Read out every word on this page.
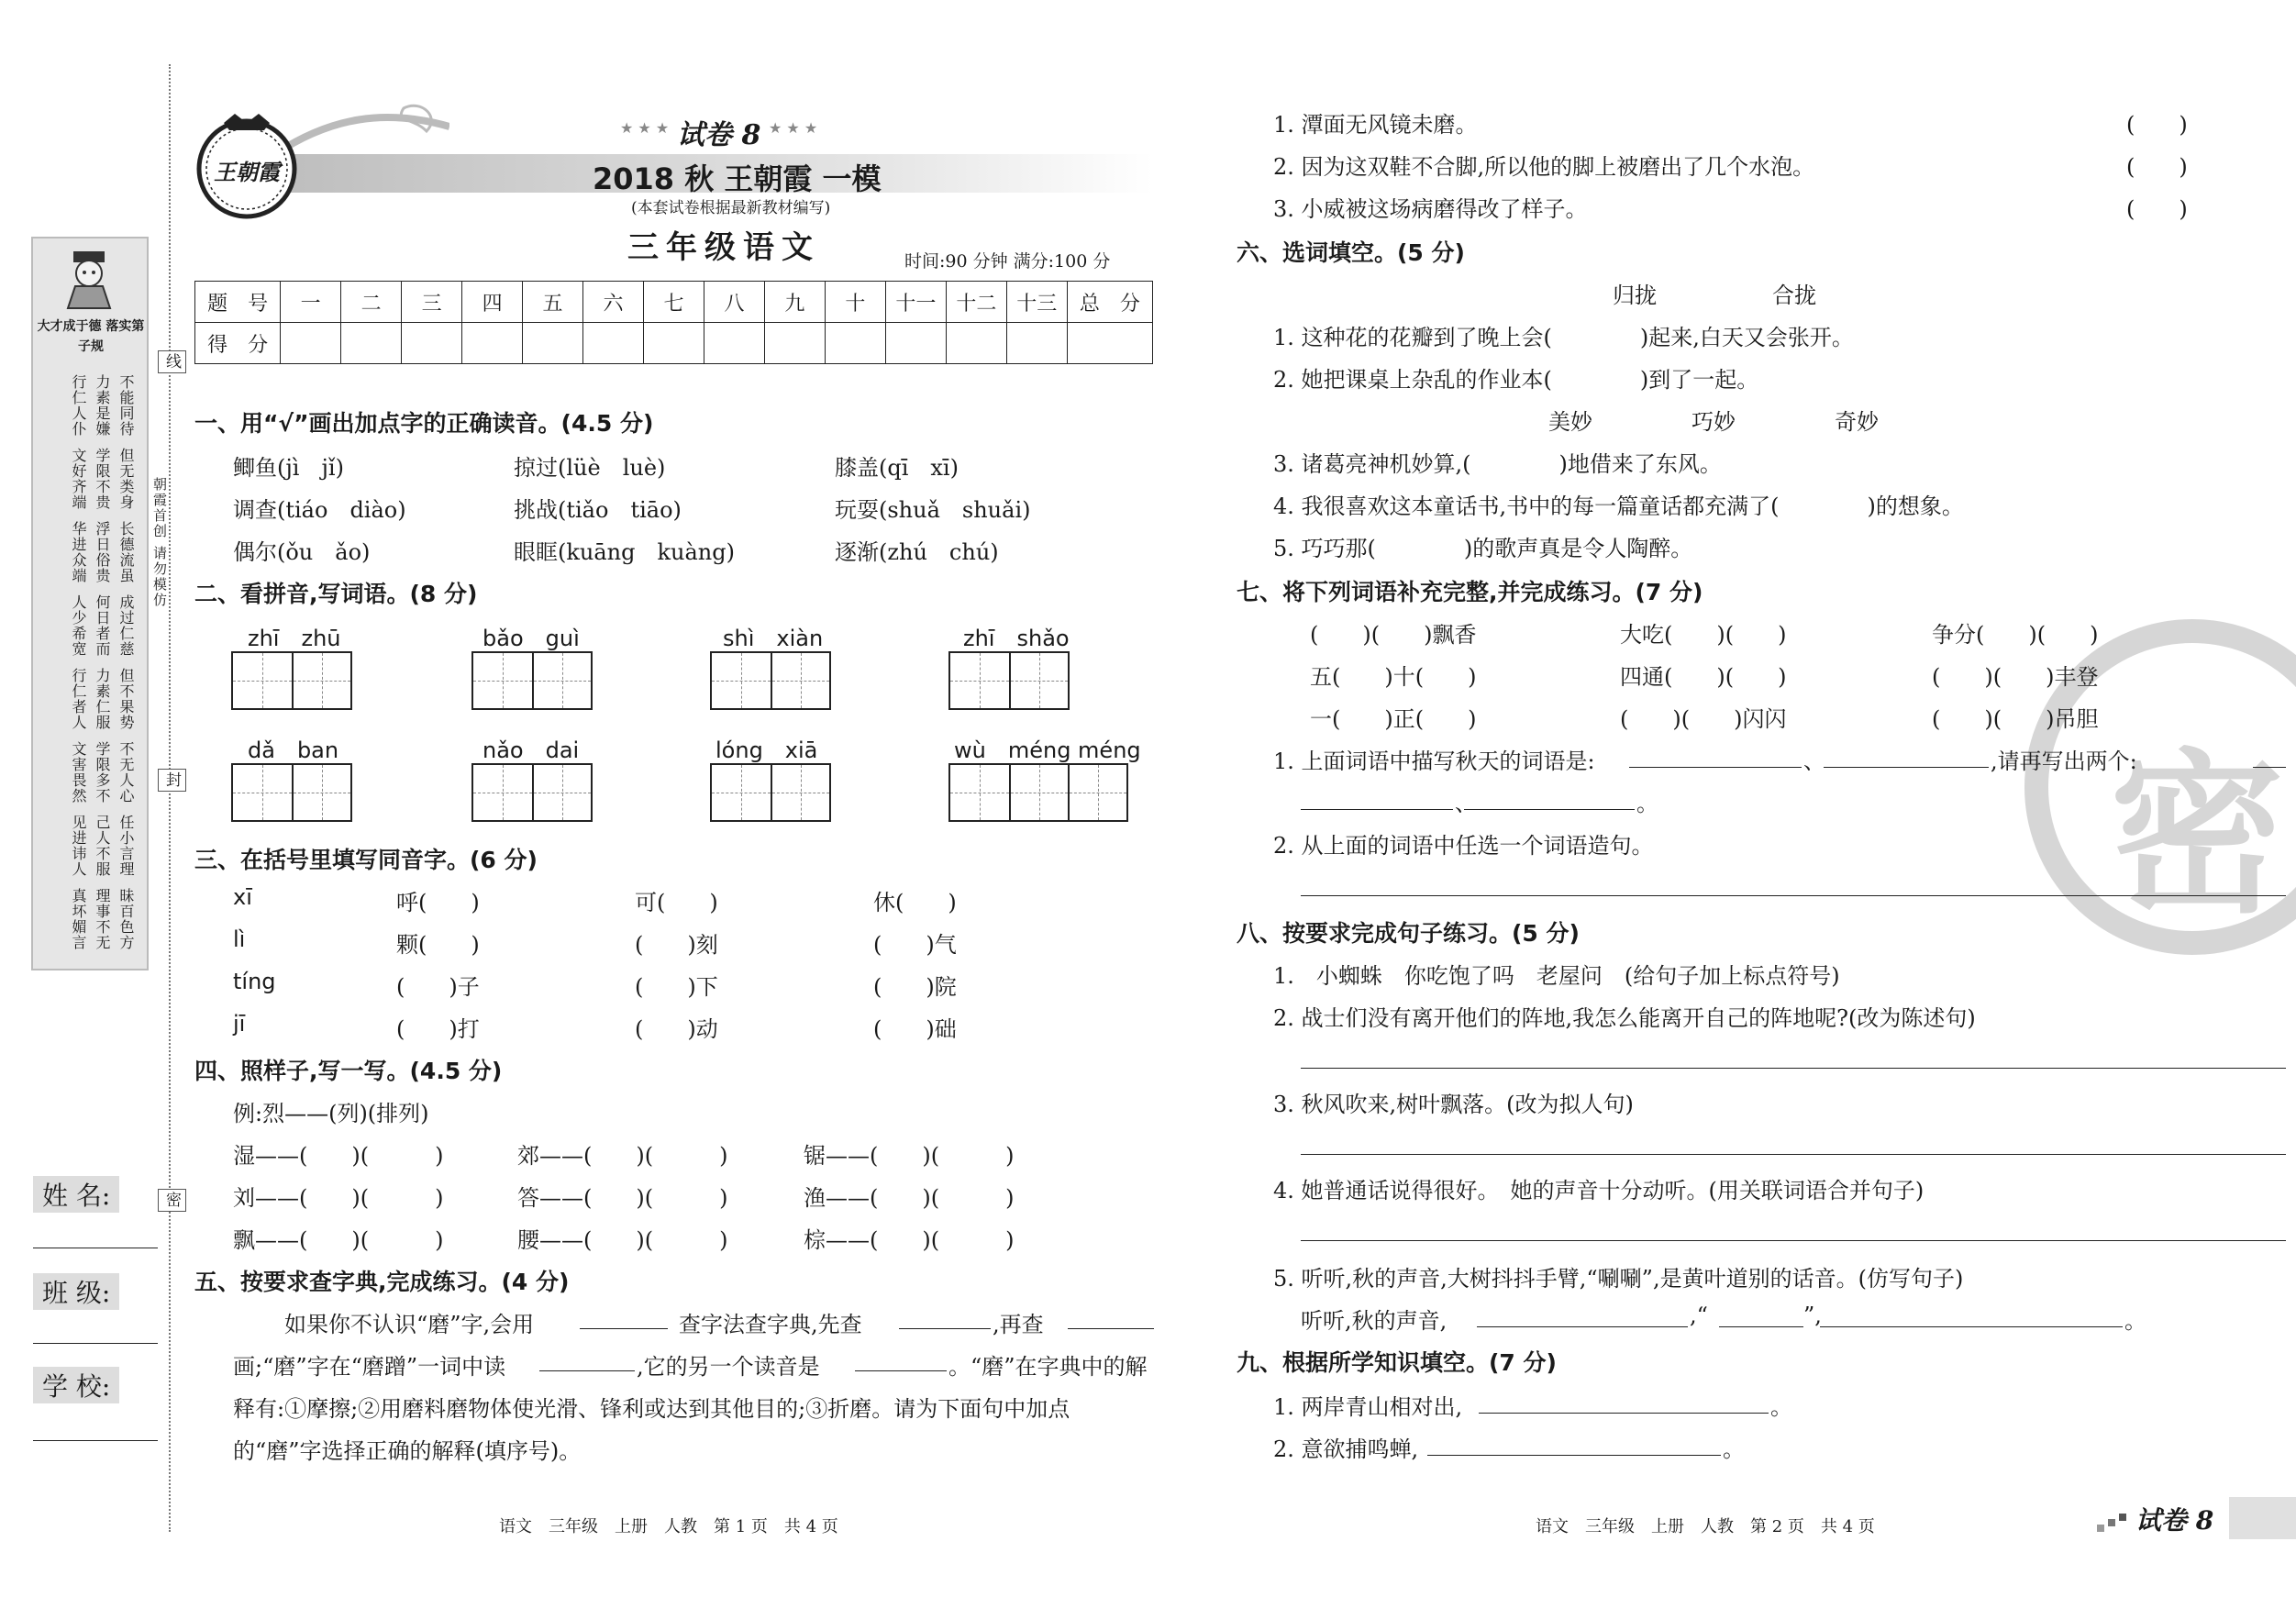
大才成于德 落实第子规
不能同待
力素是嫌
行仁人仆
但无类身
学限不贵
文好齐端
长德流虽
浮日俗贵
华进众端
成过仁慈
何日者而
人少希宽
但不果势
力素仁服
行仁者人
不无人心
学限多不
文害畏然
任小言理
己人不服
见进讳人
昧百色方
理事不无
真坏媚言
线
朝霞首创 请勿模仿
封
密
姓 名:
班 级:
学 校:
王朝霞
★ ★ ★ 试卷 8 ★ ★ ★
2018 秋 王朝霞 一模
(本套试卷根据最新教材编写)
三年级语文	时间:90 分钟 满分:100 分
题　号	一	二	三	四	五	六	七	八	九	十	十一	十二	十三	总　分
得　分														
一、用“√”画出加点字的正确读音。(4.5 分)
鲫鱼(jì　jǐ)	掠过(lüè　luè)	膝盖(qī　xī)
调查(tiáo　diào)	挑战(tiǎo　tiāo)	玩耍(shuǎ　shuǎi)
偶尔(ǒu　ǎo)	眼眶(kuāng　kuàng)	逐渐(zhú　chú)
二、看拼音,写词语。(8 分)
zhī　zhū	bǎo　guì	shì　xiàn	zhī　shǎo
dǎ　ban	nǎo　dai	lóng　xiā	wù　méng méng
三、在括号里填写同音字。(6 分)
xī	呼(　　)	可(　　)	休(　　)
lì	颗(　　)	(　　)刻	(　　)气
tíng	(　　)子	(　　)下	(　　)院
jī	(　　)打	(　　)动	(　　)础
四、照样子,写一写。(4.5 分)
例:烈——(列)(排列)
湿——(　　)(　　　)	郊——(　　)(　　　)	锯——(　　)(　　　)
刘——(　　)(　　　)	答——(　　)(　　　)	渔——(　　)(　　　)
飘——(　　)(　　　)	腰——(　　)(　　　)	棕——(　　)(　　　)
五、按要求查字典,完成练习。(4 分)
如果你不认识“磨”字,会用	查字法查字典,先查	,再查
画;“磨”字在“磨蹭”一词中读	,它的另一个读音是	。“磨”在字典中的解
释有:①摩擦;②用磨料磨物体使光滑、锋利或达到其他目的;③折磨。请为下面句中加点
的“磨”字选择正确的解释(填序号)。
语文　三年级　上册　人教　第 1 页　共 4 页
密
1. 潭面无风镜未磨。	(　　)
2. 因为这双鞋不合脚,所以他的脚上被磨出了几个水泡。	(　　)
3. 小威被这场病磨得改了样子。	(　　)
六、选词填空。(5 分)
归拢	合拢
1. 这种花的花瓣到了晚上会(　　　　)起来,白天又会张开。
2. 她把课桌上杂乱的作业本(　　　　)到了一起。
美妙	巧妙	奇妙
3. 诸葛亮神机妙算,(　　　　)地借来了东风。
4. 我很喜欢这本童话书,书中的每一篇童话都充满了(　　　　)的想象。
5. 巧巧那(　　　　)的歌声真是令人陶醉。
七、将下列词语补充完整,并完成练习。(7 分)
(　　)(　　)飘香	大吃(　　)(　　)	争分(　　)(　　)
五(　　)十(　　)	四通(　　)(　　)	(　　)(　　)丰登
一(　　)正(　　)	(　　)(　　)闪闪	(　　)(　　)吊胆
1. 上面词语中描写秋天的词语是:	、	,请再写出两个:
、	。
2. 从上面的词语中任选一个词语造句。
八、按要求完成句子练习。(5 分)
1.　小蜘蛛　你吃饱了吗　老屋问　(给句子加上标点符号)
2. 战士们没有离开他们的阵地,我怎么能离开自己的阵地呢?(改为陈述句)
3. 秋风吹来,树叶飘落。(改为拟人句)
4. 她普通话说得很好。　她的声音十分动听。(用关联词语合并句子)
5. 听听,秋的声音,大树抖抖手臂,“唰唰”,是黄叶道别的话音。(仿写句子)
听听,秋的声音,	,“	”,	。
九、根据所学知识填空。(7 分)
1. 两岸青山相对出,	。
2. 意欲捕鸣蝉,	。
语文　三年级　上册　人教　第 2 页　共 4 页	试卷 8
